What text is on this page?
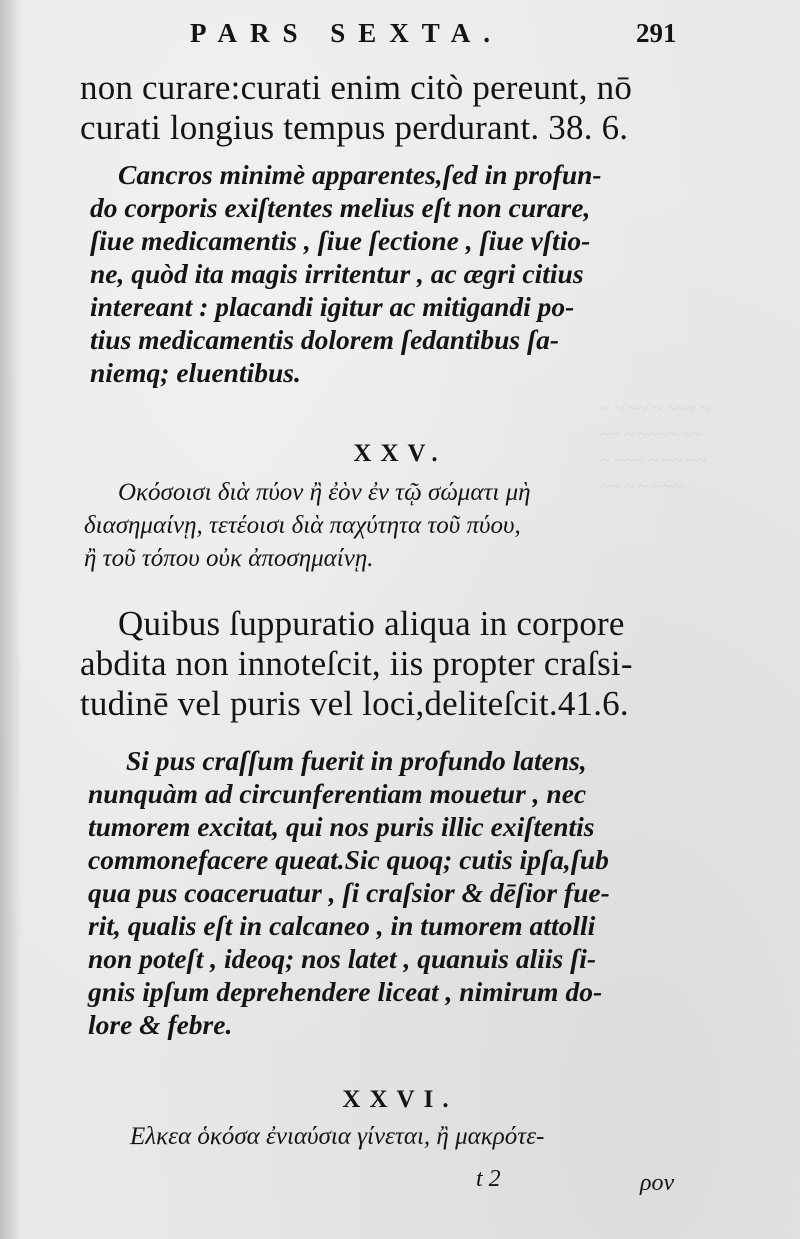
~ ~ ~~ ~ ~~~ ~
~~ ~ ~~~~ ~~
~ ~~~ ~ ~~ ~~
~~ ~ ~ ~~~
PARS SEXTA.	291
non curare:curati enim citò pereunt, nō
curati longius tempus perdurant. 38. 6.
Cancros minimè apparentes,ſed in profun-
do corporis exiſtentes melius eſt non curare,
ſiue medicamentis , ſiue ſectione , ſiue vſtio-
ne, quòd ita magis irritentur , ac ægri citius
intereant : placandi igitur ac mitigandi po-
tius medicamentis dolorem ſedantibus ſa-
niemq; eluentibus.
XXV.
Οκόσοισι διὰ πύον ἢ ἐὸν ἐν τῷ σώματι μὴ
διασημαίνῃ, τετέοισι διὰ παχύτητα τοῦ πύου,
ἢ τοῦ τόπου οὐκ ἀποσημαίνῃ.
Quibus ſuppuratio aliqua in corpore
abdita non innoteſcit, iis propter craſsi-
tudinē vel puris vel loci,deliteſcit.41.6.
Si pus craſſum fuerit in profundo latens,
nunquàm ad circunferentiam mouetur , nec
tumorem excitat, qui nos puris illic exiſtentis
commonefacere queat.Sic quoq; cutis ipſa,ſub
qua pus coaceruatur , ſi craſsior & dēſior fue-
rit, qualis eſt in calcaneo , in tumorem attolli
non poteſt , ideoq; nos latet , quanuis aliis ſi-
gnis ipſum deprehendere liceat , nimirum do-
lore & febre.
XXVI.
Ελκεα ὁκόσα ἐνιαύσια γίνεται, ἢ μακρότε-
t 2	ρον
